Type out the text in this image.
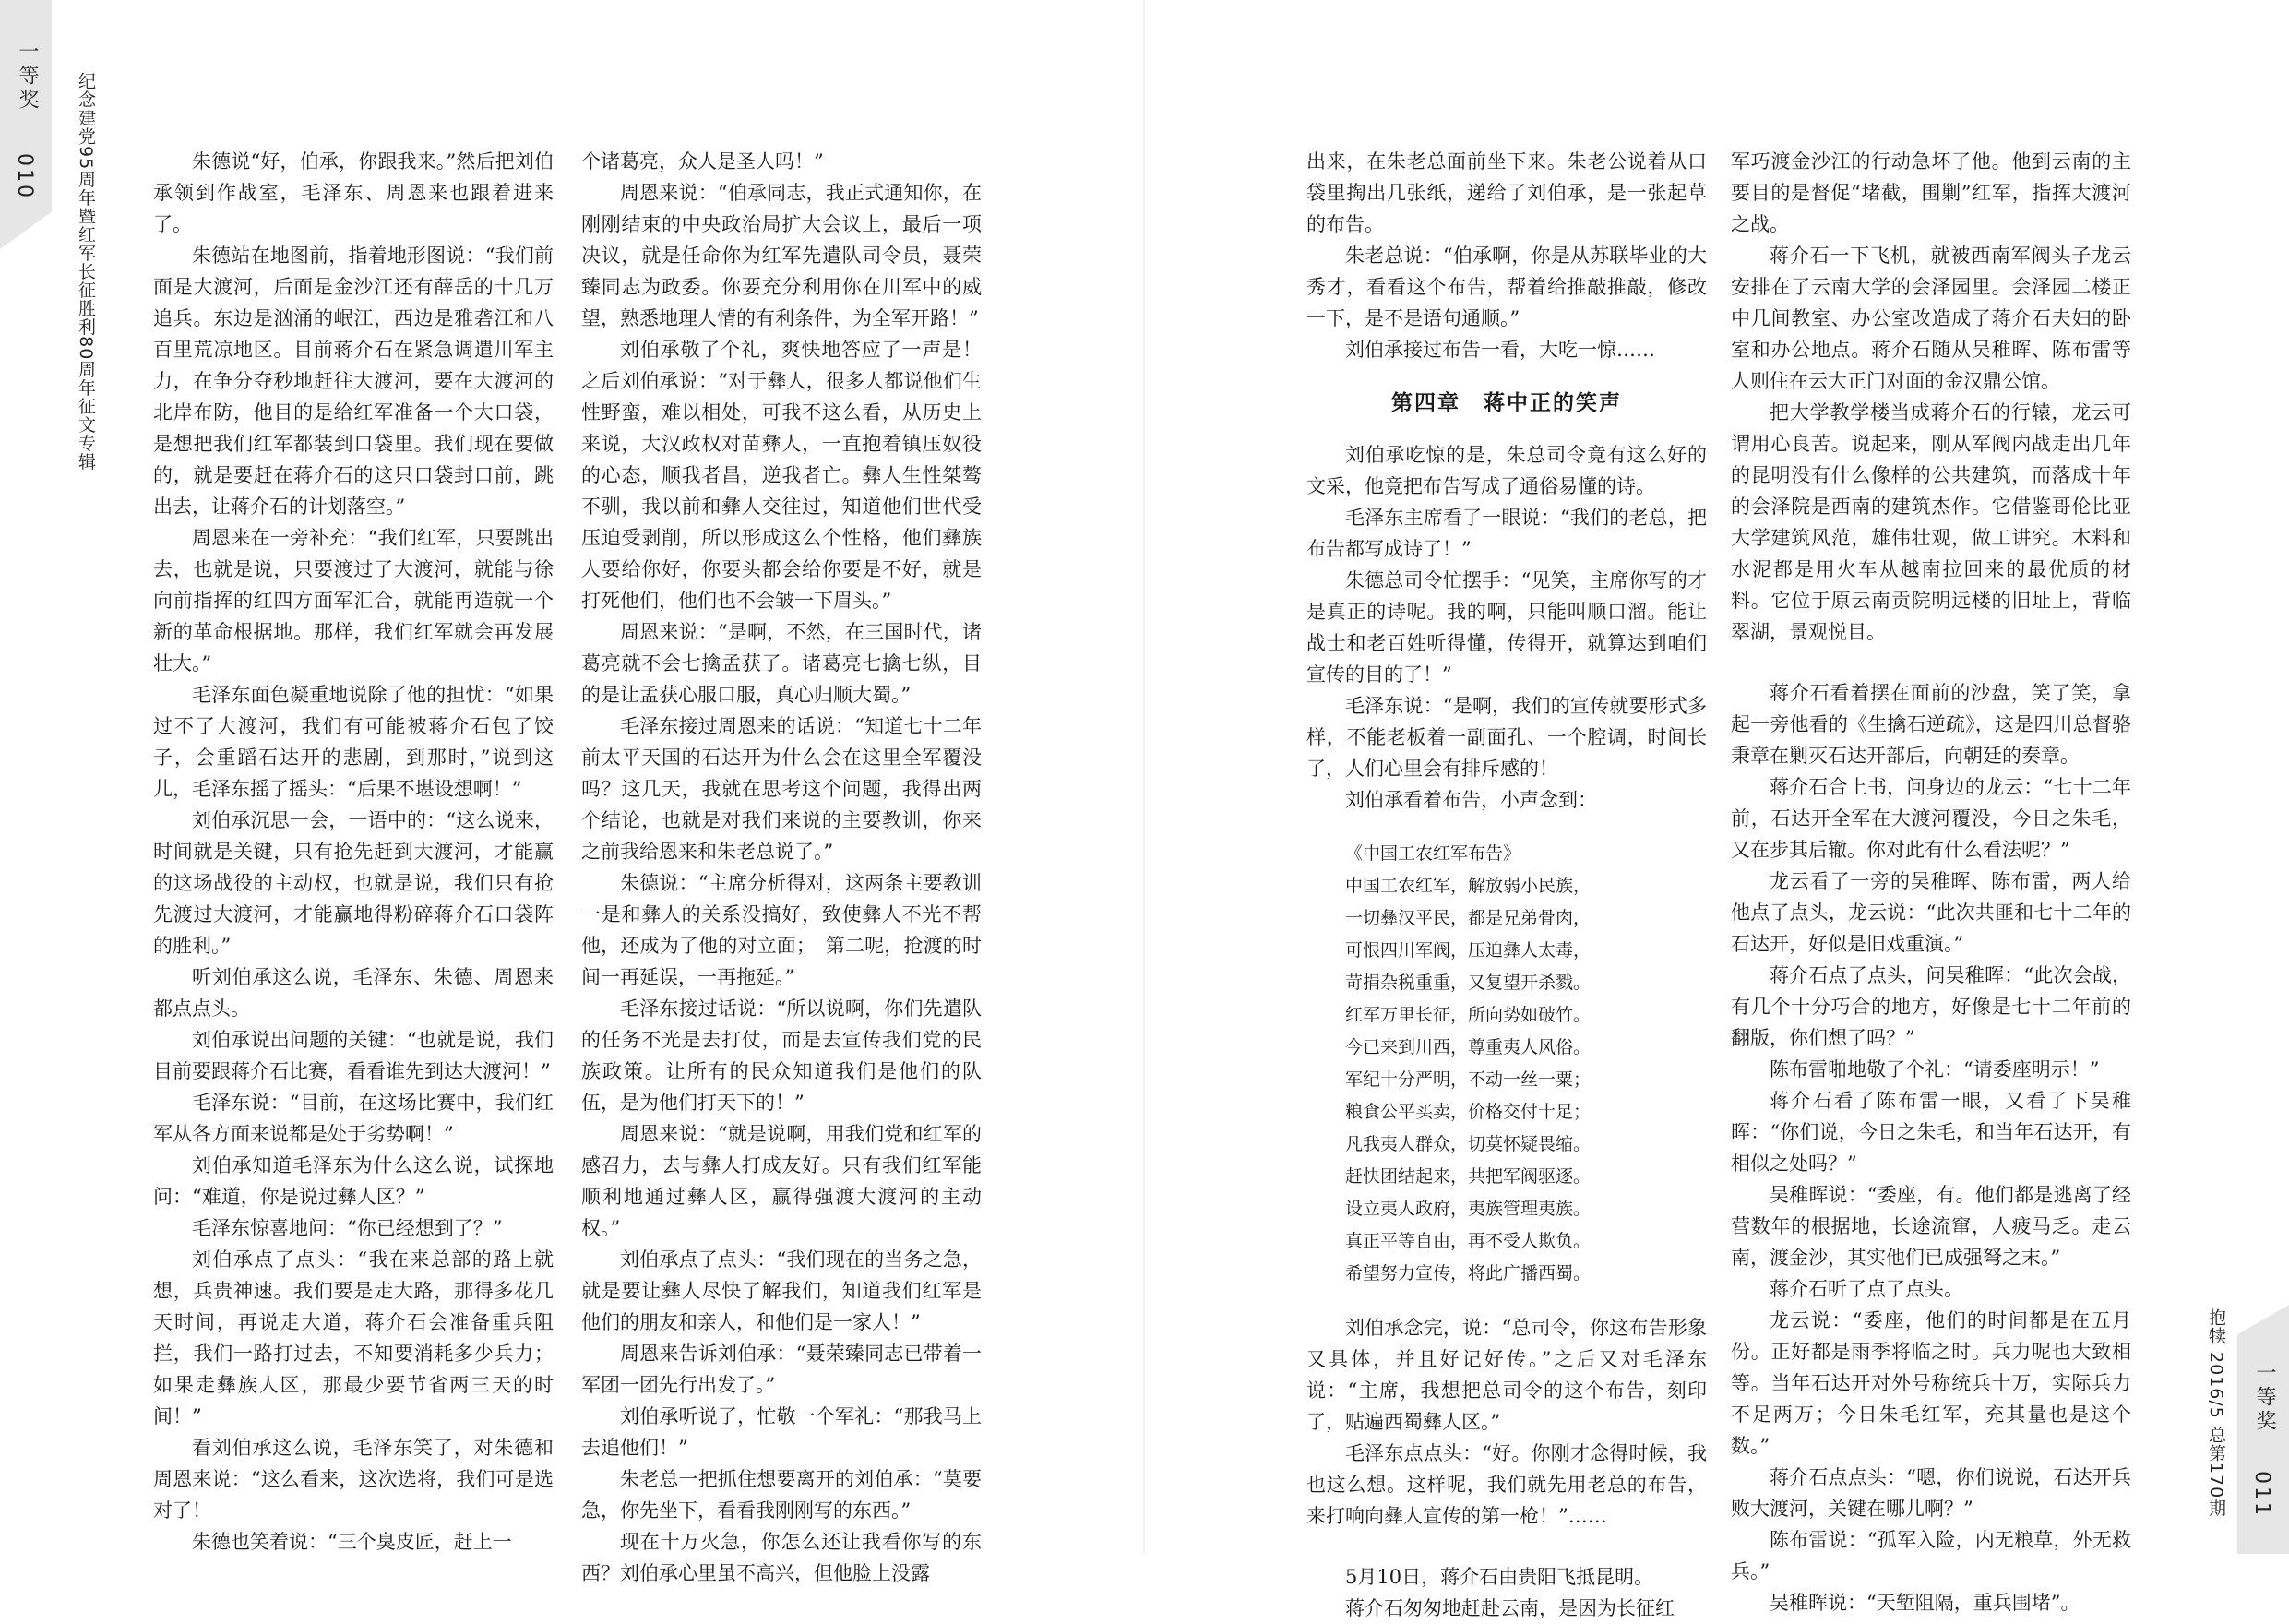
一等奖
010 纪念建党95周年暨红军长征胜利80周年征文专辑	朱德说“好，伯承，你跟我来。”然后把刘伯承领到作战室，毛泽东、周恩来也跟着进来了。

朱德站在地图前，指着地形图说：“我们前面是大渡河，后面是金沙江还有薛岳的十几万追兵。东边是汹涌的岷江，西边是雅砻江和八百里荒凉地区。目前蒋介石在紧急调遣川军主力，在争分夺秒地赶往大渡河，要在大渡河的北岸布防，他目的是给红军准备一个大口袋，是想把我们红军都装到口袋里。我们现在要做的，就是要赶在蒋介石的这只口袋封口前，跳出去，让蒋介石的计划落空。”

周恩来在一旁补充：“我们红军，只要跳出去，也就是说，只要渡过了大渡河，就能与徐向前指挥的红四方面军汇合，就能再造就一个新的革命根据地。那样，我们红军就会再发展壮大。”

毛泽东面色凝重地说除了他的担忧：“如果过不了大渡河，我们有可能被蒋介石包了饺子，会重蹈石达开的悲剧，到那时，”说到这儿，毛泽东摇了摇头：“后果不堪设想啊！”

刘伯承沉思一会，一语中的：“这么说来，时间就是关键，只有抢先赶到大渡河，才能赢的这场战役的主动权，也就是说，我们只有抢先渡过大渡河，才能赢地得粉碎蒋介石口袋阵的胜利。”

听刘伯承这么说，毛泽东、朱德、周恩来都点点头。

刘伯承说出问题的关键：“也就是说，我们目前要跟蒋介石比赛，看看谁先到达大渡河！”

毛泽东说：“目前，在这场比赛中，我们红军从各方面来说都是处于劣势啊！”

刘伯承知道毛泽东为什么这么说，试探地问：“难道，你是说过彝人区？”

毛泽东惊喜地问：“你已经想到了？”

刘伯承点了点头：“我在来总部的路上就想，兵贵神速。我们要是走大路，那得多花几天时间，再说走大道，蒋介石会准备重兵阻拦，我们一路打过去，不知要消耗多少兵力；如果走彝族人区，那最少要节省两三天的时间！”

看刘伯承这么说，毛泽东笑了，对朱德和周恩来说：“这么看来，这次选将，我们可是选对了！

朱德也笑着说：“三个臭皮匠，赶上一

个诸葛亮，众人是圣人吗！”

周恩来说：“伯承同志，我正式通知你，在刚刚结束的中央政治局扩大会议上，最后一项决议，就是任命你为红军先遣队司令员，聂荣臻同志为政委。你要充分利用你在川军中的威望，熟悉地理人情的有利条件，为全军开路！”

刘伯承敬了个礼，爽快地答应了一声是！之后刘伯承说：“对于彝人，很多人都说他们生性野蛮，难以相处，可我不这么看，从历史上来说，大汉政权对苗彝人，一直抱着镇压奴役的心态，顺我者昌，逆我者亡。彝人生性桀骜不驯，我以前和彝人交往过，知道他们世代受压迫受剥削，所以形成这么个性格，他们彝族人要给你好，你要头都会给你要是不好，就是打死他们，他们也不会皱一下眉头。”

周恩来说：“是啊，不然，在三国时代，诸葛亮就不会七擒孟获了。诸葛亮七擒七纵，目的是让孟获心服口服，真心归顺大蜀。”

毛泽东接过周恩来的话说：“知道七十二年前太平天国的石达开为什么会在这里全军覆没吗？这几天，我就在思考这个问题，我得出两个结论，也就是对我们来说的主要教训，你来之前我给恩来和朱老总说了。”

朱德说：“主席分析得对，这两条主要教训一是和彝人的关系没搞好，致使彝人不光不帮他，还成为了他的对立面；　第二呢，抢渡的时间一再延误，一再拖延。”

毛泽东接过话说：“所以说啊，你们先遣队的任务不光是去打仗，而是去宣传我们党的民族政策。让所有的民众知道我们是他们的队伍，是为他们打天下的！”

周恩来说：“就是说啊，用我们党和红军的感召力，去与彝人打成友好。只有我们红军能顺利地通过彝人区，赢得强渡大渡河的主动权。”

刘伯承点了点头：“我们现在的当务之急，就是要让彝人尽快了解我们，知道我们红军是他们的朋友和亲人，和他们是一家人！”

周恩来告诉刘伯承：“聂荣臻同志已带着一军团一团先行出发了。”

刘伯承听说了，忙敬一个军礼：“那我马上去追他们！”

朱老总一把抓住想要离开的刘伯承：“莫要急，你先坐下，看看我刚刚写的东西。”

现在十万火急，你怎么还让我看你写的东西？刘伯承心里虽不高兴，但他脸上没露

出来，在朱老总面前坐下来。朱老公说着从口袋里掏出几张纸，递给了刘伯承，是一张起草的布告。

朱老总说：“伯承啊，你是从苏联毕业的大秀才，看看这个布告，帮着给推敲推敲，修改一下，是不是语句通顺。”

刘伯承接过布告一看，大吃一惊……

第四章　蒋中正的笑声

刘伯承吃惊的是，朱总司令竟有这么好的文采，他竟把布告写成了通俗易懂的诗。

毛泽东主席看了一眼说：“我们的老总，把布告都写成诗了！”

朱德总司令忙摆手：“见笑，主席你写的才是真正的诗呢。我的啊，只能叫顺口溜。能让战士和老百姓听得懂，传得开，就算达到咱们宣传的目的了！”

毛泽东说：“是啊，我们的宣传就要形式多样，不能老板着一副面孔、一个腔调，时间长了，人们心里会有排斥感的！

刘伯承看着布告，小声念到：

《中国工农红军布告》
中国工农红军，解放弱小民族，
一切彝汉平民，都是兄弟骨肉，
可恨四川军阀，压迫彝人太毒，
苛捐杂税重重，又复望开杀戮。
红军万里长征，所向势如破竹。
今已来到川西，尊重夷人风俗。
军纪十分严明，不动一丝一粟；
粮食公平买卖，价格交付十足；
凡我夷人群众，切莫怀疑畏缩。
赶快团结起来，共把军阀驱逐。
设立夷人政府，夷族管理夷族。
真正平等自由，再不受人欺负。
希望努力宣传，将此广播西蜀。

刘伯承念完，说：“总司令，你这布告形象又具体，并且好记好传。”之后又对毛泽东说：“主席，我想把总司令的这个布告，刻印了，贴遍西蜀彝人区。”

毛泽东点点头：“好。你刚才念得时候，我也这么想。这样呢，我们就先用老总的布告，来打响向彝人宣传的第一枪！”……

5月10日，蒋介石由贵阳飞抵昆明。

蒋介石匆匆地赶赴云南，是因为长征红

军巧渡金沙江的行动急坏了他。他到云南的主要目的是督促“堵截，围剿”红军，指挥大渡河之战。

蒋介石一下飞机，就被西南军阀头子龙云安排在了云南大学的会泽园里。会泽园二楼正中几间教室、办公室改造成了蒋介石夫妇的卧室和办公地点。蒋介石随从吴稚晖、陈布雷等人则住在云大正门对面的金汉鼎公馆。

把大学教学楼当成蒋介石的行辕，龙云可谓用心良苦。说起来，刚从军阀内战走出几年的昆明没有什么像样的公共建筑，而落成十年的会泽院是西南的建筑杰作。它借鉴哥伦比亚大学建筑风范，雄伟壮观，做工讲究。木料和水泥都是用火车从越南拉回来的最优质的材料。它位于原云南贡院明远楼的旧址上，背临翠湖，景观悦目。

蒋介石看着摆在面前的沙盘，笑了笑，拿起一旁他看的《生擒石逆疏》，这是四川总督骆秉章在剿灭石达开部后，向朝廷的奏章。

蒋介石合上书，问身边的龙云：“七十二年前，石达开全军在大渡河覆没，今日之朱毛，又在步其后辙。你对此有什么看法呢？”

龙云看了一旁的吴稚晖、陈布雷，两人给他点了点头，龙云说：“此次共匪和七十二年的石达开，好似是旧戏重演。”

蒋介石点了点头，问吴稚晖：“此次会战，有几个十分巧合的地方，好像是七十二年前的翻版，你们想了吗？”

陈布雷啪地敬了个礼：“请委座明示！”

蒋介石看了陈布雷一眼，又看了下吴稚晖：“你们说，今日之朱毛，和当年石达开，有相似之处吗？”

吴稚晖说：“委座，有。他们都是逃离了经营数年的根据地，长途流窜，人疲马乏。走云南，渡金沙，其实他们已成强弩之末。”

蒋介石听了点了点头。

龙云说：“委座，他们的时间都是在五月份。正好都是雨季将临之时。兵力呢也大致相等。当年石达开对外号称统兵十万，实际兵力不足两万；今日朱毛红军，充其量也是这个数。”

蒋介石点点头：“嗯，你们说说，石达开兵败大渡河，关键在哪儿啊？”

陈布雷说：“孤军入险，内无粮草，外无救兵。”

吴稚晖说：“天堑阻隔，重兵围堵”。

抱犊 2016/5 总第170期 一等奖
011
